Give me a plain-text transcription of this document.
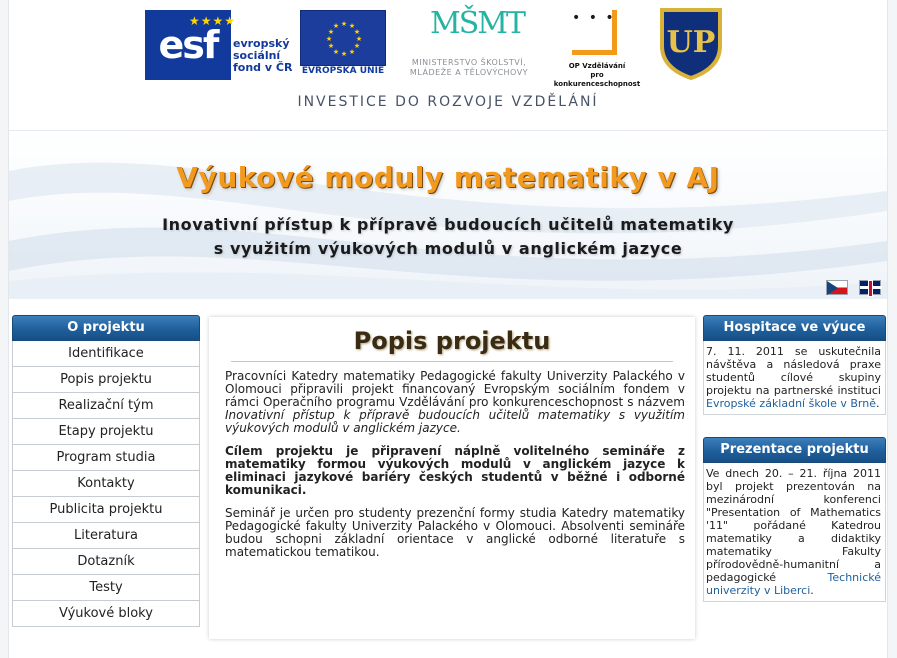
esf
★★★★
evropský
sociální
fond v ČR
★ ★
★
★
★
★
★
★
★
★
★
★
EVROPSKÁ UNIE
MŠMT
MINISTERSTVO ŠKOLSTVÍ,
MLÁDEŽE A TĚLOVÝCHOVY
• • •
OP Vzdělávání
pro konkurenceschopnost
UP
INVESTICE DO ROZVOJE VZDĚLÁNÍ
Výukové moduly matematiky v AJ
Inovativní přístup k přípravě budoucích učitelů matematiky
s využitím výukových modulů v anglickém jazyce

O projektu
Identifikace
Popis projektu
Realizační tým
Etapy projektu
Program studia
Kontakty
Publicita projektu
Literatura
Dotazník
Testy
Výukové bloky
Popis projektu

Pracovníci Katedry matematiky Pedagogické fakulty Univerzity Palackého v Olomouci připravili projekt financovaný Evropským sociálním fondem v rámci Operačního programu Vzdělávání pro konkurenceschopnost s názvem Inovativní přístup k přípravě budoucích učitelů matematiky s využitím výukových modulů v anglickém jazyce.

Cílem projektu je připravení náplně volitelného semináře z matematiky formou výukových modulů v anglickém jazyce k eliminaci jazykové bariéry českých studentů v běžné i odborné komunikaci.

Seminář je určen pro studenty prezenční formy studia Katedry matematiky Pedagogické fakulty Univerzity Palackého v Olomouci. Absolventi semináře budou schopni základní orientace v anglické odborné literatuře s matematickou tematikou.

Hospitace ve výuce
7. 11. 2011 se uskutečnila návštěva a následová praxe studentů cílové skupiny projektu na partnerské instituci Evropské základní škole v Brně.
Prezentace projektu
Ve dnech 20. – 21. října 2011 byl projekt prezentován na mezinárodní konferenci "Presentation of Mathematics '11" pořádané Katedrou matematiky a didaktiky matematiky Fakulty přírodovědně-humanitní a pedagogické Technické univerzity v Liberci.
